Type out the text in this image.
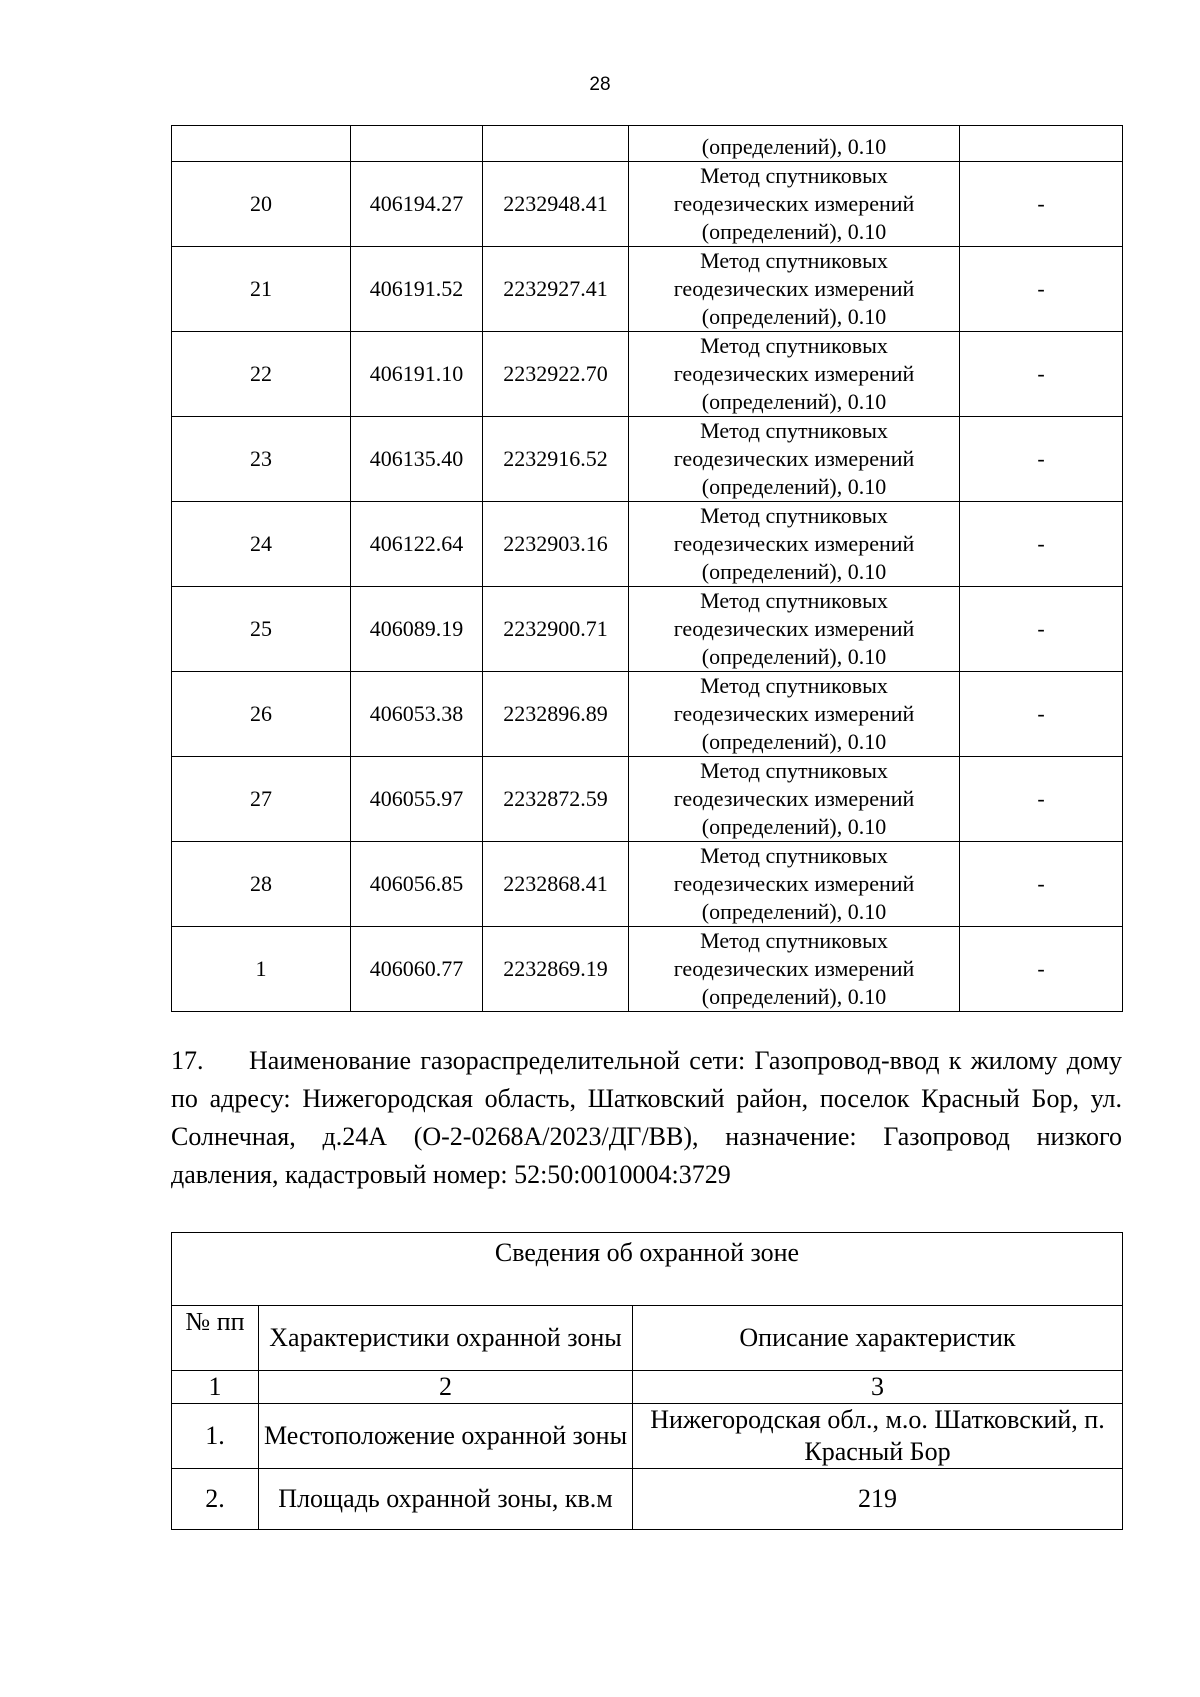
28
			(определений), 0.10	
20	406194.27	2232948.41	Метод спутниковых
геодезических измерений
(определений), 0.10	-
21	406191.52	2232927.41	Метод спутниковых
геодезических измерений
(определений), 0.10	-
22	406191.10	2232922.70	Метод спутниковых
геодезических измерений
(определений), 0.10	-
23	406135.40	2232916.52	Метод спутниковых
геодезических измерений
(определений), 0.10	-
24	406122.64	2232903.16	Метод спутниковых
геодезических измерений
(определений), 0.10	-
25	406089.19	2232900.71	Метод спутниковых
геодезических измерений
(определений), 0.10	-
26	406053.38	2232896.89	Метод спутниковых
геодезических измерений
(определений), 0.10	-
27	406055.97	2232872.59	Метод спутниковых
геодезических измерений
(определений), 0.10	-
28	406056.85	2232868.41	Метод спутниковых
геодезических измерений
(определений), 0.10	-
1	406060.77	2232869.19	Метод спутниковых
геодезических измерений
(определений), 0.10	-

17. Наименование газораспределительной сети: Газопровод-ввод к жилому дому по адресу: Нижегородская область, Шатковский район, поселок Красный Бор, ул. Солнечная, д.24А (О-2-0268А/2023/ДГ/ВВ), назначение: Газопровод низкого давления, кадастровый номер: 52:50:0010004:3729

Сведения об охранной зоне		
№ пп	Характеристики охранной зоны	Описание характеристик
1	2	3
1.	Местоположение охранной зоны	Нижегородская обл., м.о. Шатковский, п. Красный Бор
2.	Площадь охранной зоны, кв.м	219
